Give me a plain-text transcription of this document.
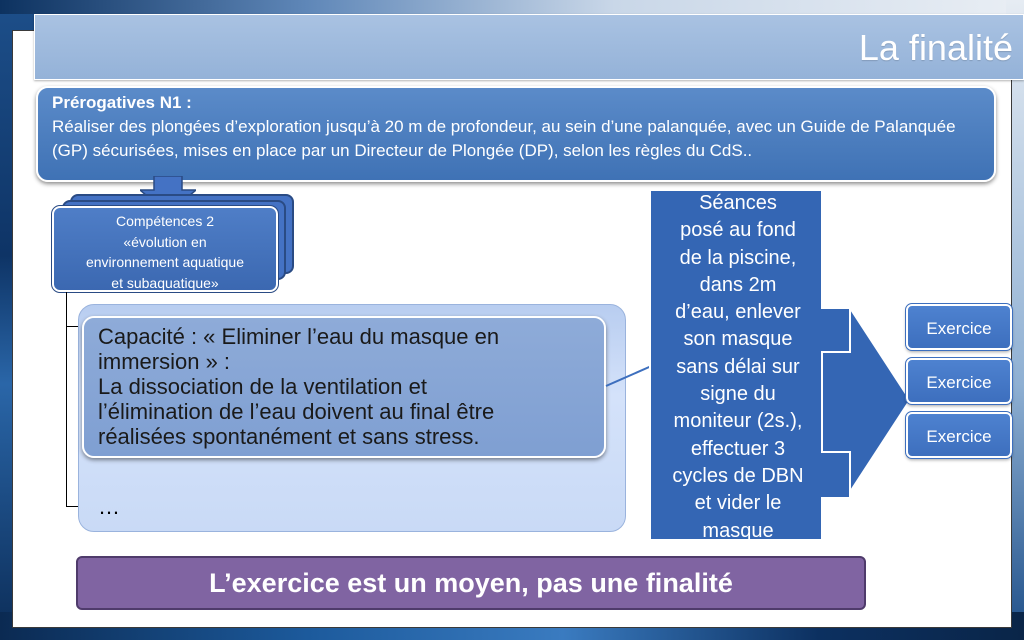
La finalité
Prérogatives N1 :
Réaliser des plongées d’exploration jusqu’à 20 m de profondeur, au sein d’une palanquée, avec un Guide de Palanquée (GP) sécurisées, mises en place par un Directeur de Plongée (DP), selon les règles du CdS..
Compétences 2
«évolution en
environnement aquatique
et subaquatique»
Capacité : « Eliminer l’eau du masque en
immersion » :
La dissociation de la ventilation et
l’élimination de l’eau doivent au final être
réalisées spontanément et sans stress.
…
Séances
posé au fond
de la piscine,
dans 2m
d’eau, enlever
son masque
sans délai sur
signe du
moniteur (2s.),
effectuer 3
cycles de DBN
et vider le
masque
Exercice
Exercice
Exercice
L’exercice est un moyen, pas une finalité
